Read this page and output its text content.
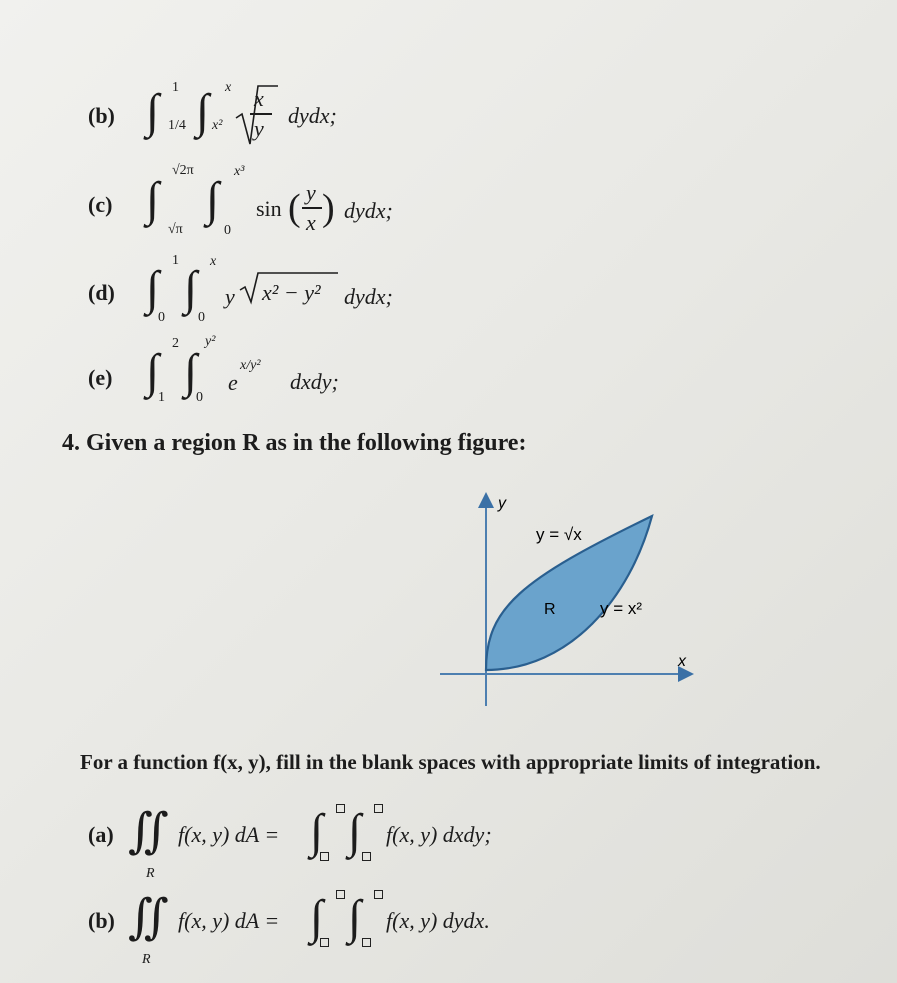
(b) ∫ 1
1/4 ∫ x
x²
x
y
dydx;
(c) ∫
√2π
√π
∫
x³
0
sin ( y
x ) dydx;
(d) ∫
1
0
∫
x
0
y x² − y² dydx;
(e) ∫
2
1 ∫
y²
0
e
x/y²
dxdy;
4. Given a region R as in the following figure:
y
x
y = √x
R	y = x²
For a function f(x, y), fill in the blank spaces with appropriate limits of integration.
(a) ∬
R
f(x, y) dA = ∫ ∫ f(x, y) dxdy;
(b) ∬
R
f(x, y) dA = ∫ ∫ f(x, y) dydx.
